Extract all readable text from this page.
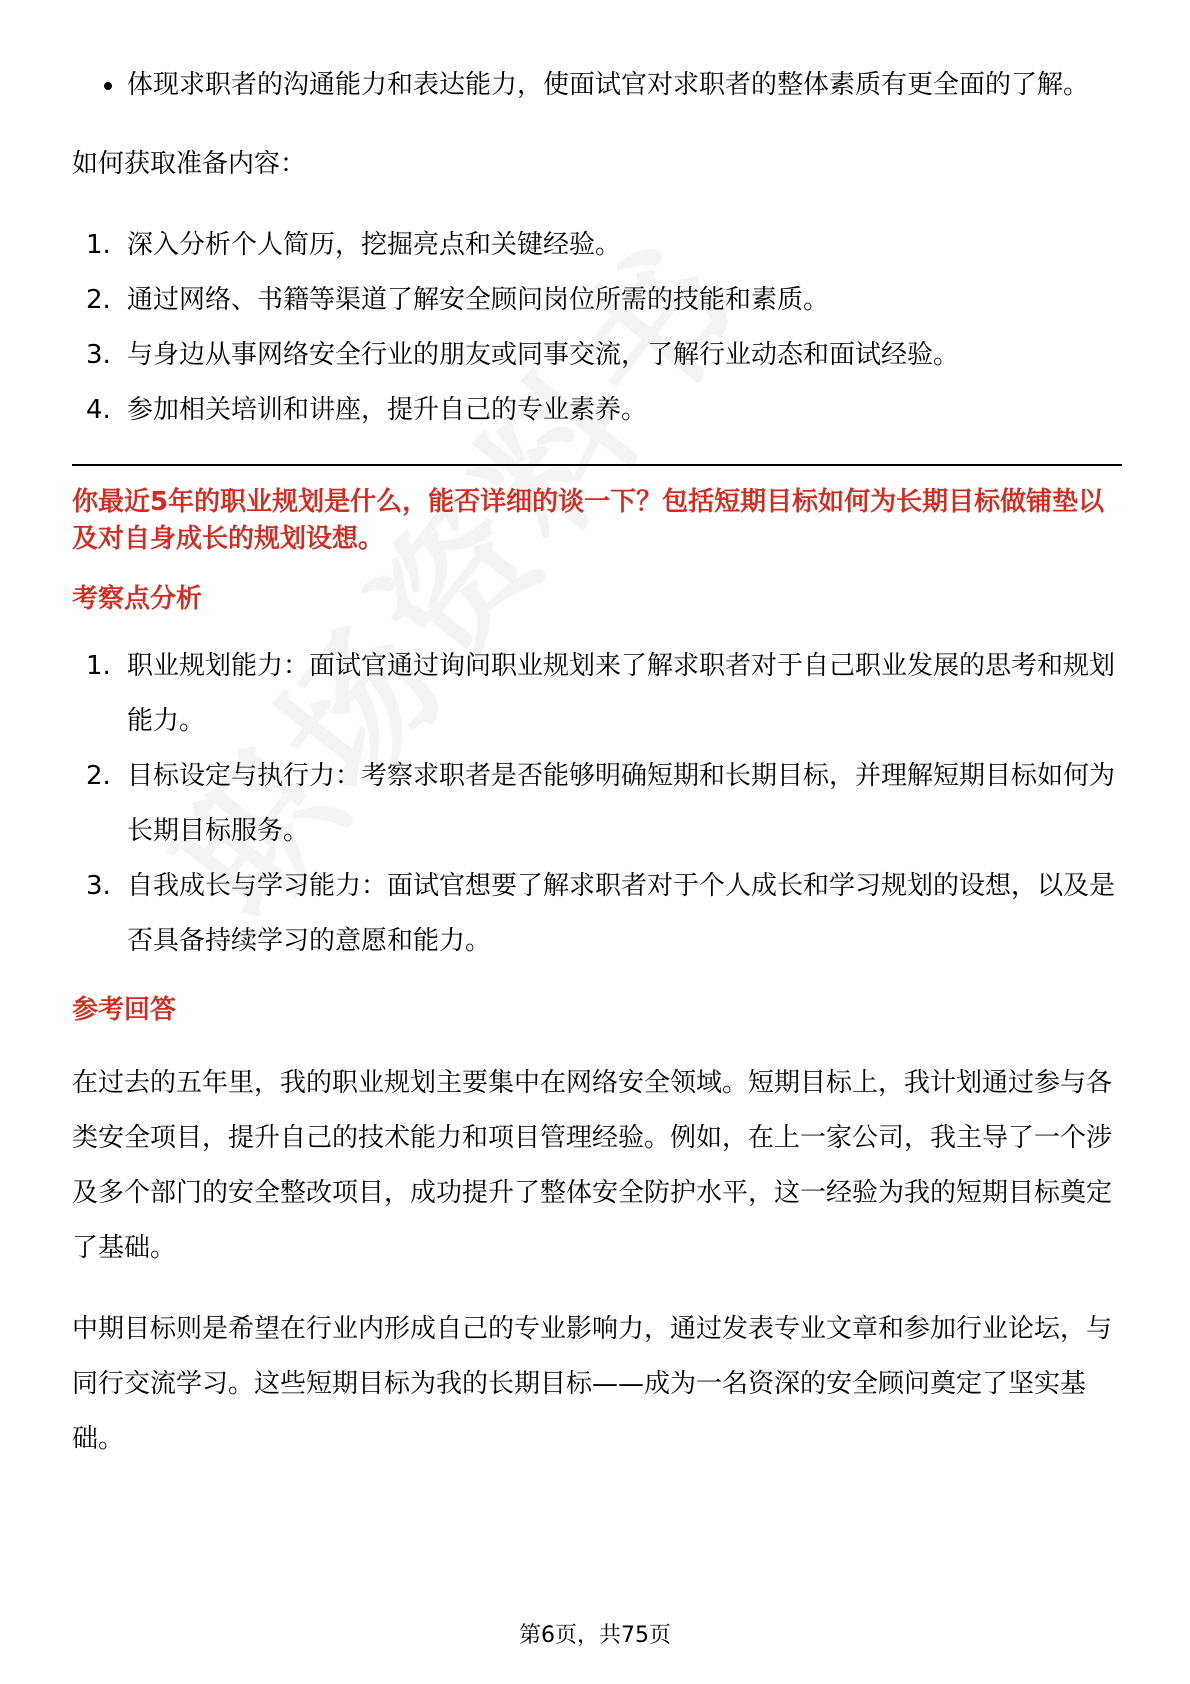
体现求职者的沟通能力和表达能力，使面试官对求职者的整体素质有更全面的了解。
如何获取准备内容：
1. 深入分析个人简历，挖掘亮点和关键经验。
2. 通过网络、书籍等渠道了解安全顾问岗位所需的技能和素质。
3. 与身边从事网络安全行业的朋友或同事交流，了解行业动态和面试经验。
4. 参加相关培训和讲座，提升自己的专业素养。
你最近5年的职业规划是什么，能否详细的谈一下？包括短期目标如何为长期目标做铺垫以及对自身成长的规划设想。
考察点分析
1. 职业规划能力：面试官通过询问职业规划来了解求职者对于自己职业发展的思考和规划能力。
2. 目标设定与执行力：考察求职者是否能够明确短期和长期目标，并理解短期目标如何为长期目标服务。
3. 自我成长与学习能力：面试官想要了解求职者对于个人成长和学习规划的设想，以及是否具备持续学习的意愿和能力。
参考回答
在过去的五年里，我的职业规划主要集中在网络安全领域。短期目标上，我计划通过参与各类安全项目，提升自己的技术能力和项目管理经验。例如，在上一家公司，我主导了一个涉及多个部门的安全整改项目，成功提升了整体安全防护水平，这一经验为我的短期目标奠定了基础。
中期目标则是希望在行业内形成自己的专业影响力，通过发表专业文章和参加行业论坛，与同行交流学习。这些短期目标为我的长期目标——成为一名资深的安全顾问奠定了坚实基础。
第6页，共75页
